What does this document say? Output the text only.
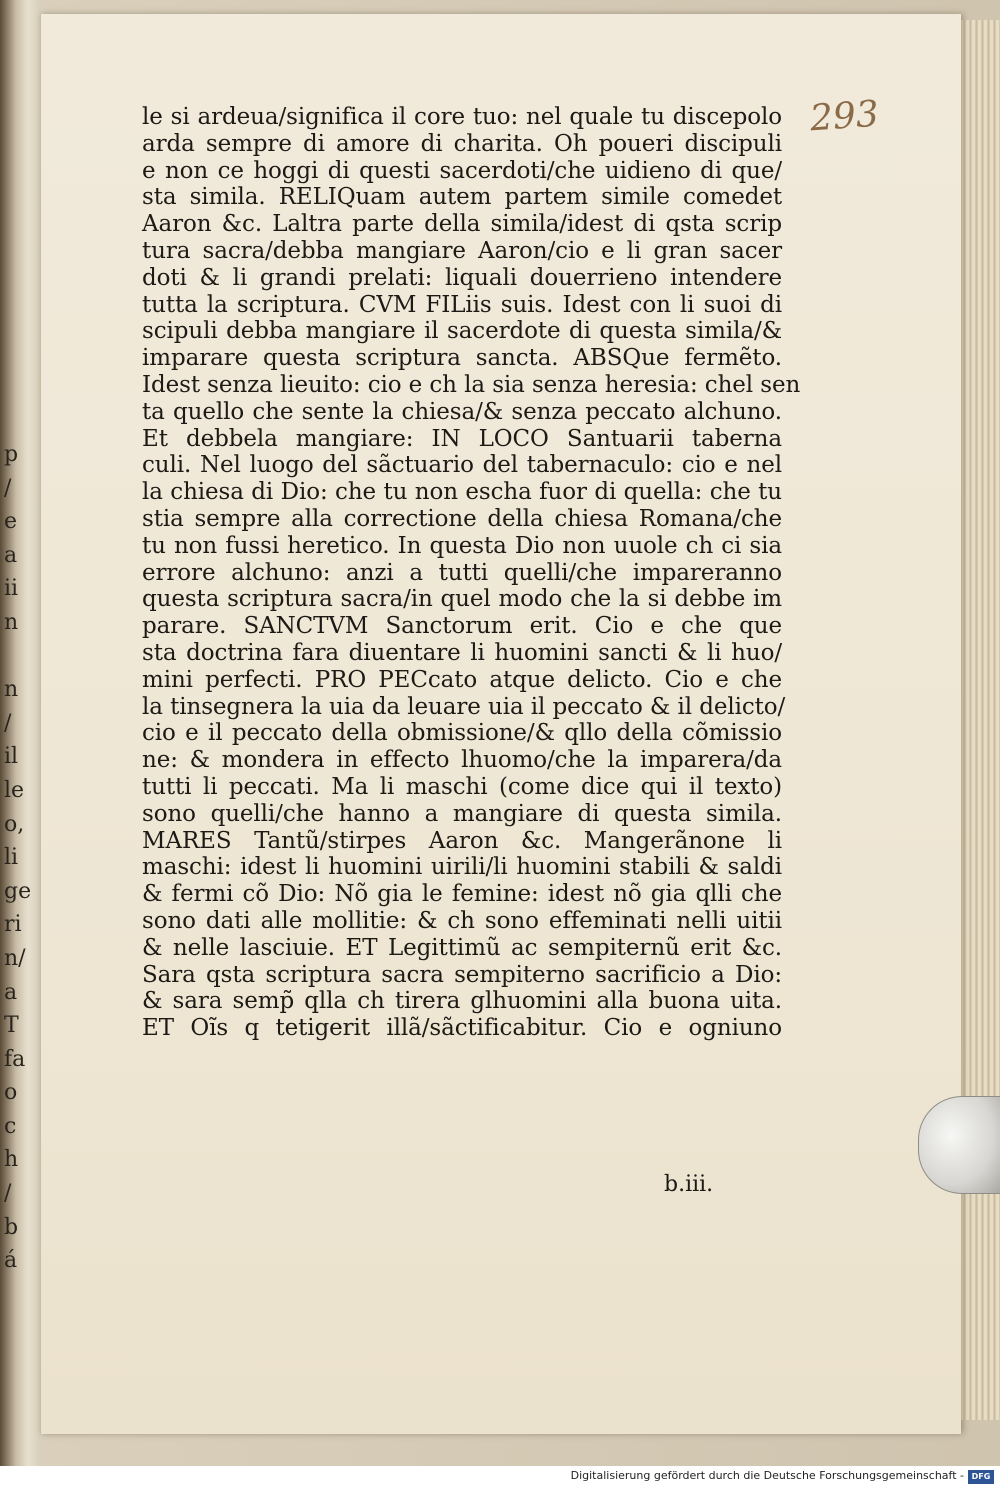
p
/
e
a
ii
n
n
/
il
le
o,
li
ge
ri
n/
a
T
fa
o
c
h
/
b
á
293
le si ardeua/significa il core tuo: nel quale tu discepolo
arda sempre di amore di charita. Oh poueri discipuli
e non ce hoggi di questi sacerdoti/che uidieno di que/
sta simila. RELIQuam autem partem simile comedet
Aaron &c. Laltra parte della simila/idest di qsta scrip
tura sacra/debba mangiare Aaron/cio e li gran sacer
doti & li grandi prelati: liquali douerrieno intendere
tutta la scriptura. CVM FILiis suis. Idest con li suoi di
scipuli debba mangiare il sacerdote di questa simila/&
imparare questa scriptura sancta. ABSQue fermẽto.
Idest senza lieuito: cio e ch la sia senza heresia: chel sen
ta quello che sente la chiesa/& senza peccato alchuno.
Et debbela mangiare: IN LOCO Santuarii taberna
culi. Nel luogo del sãctuario del tabernaculo: cio e nel
la chiesa di Dio: che tu non escha fuor di quella: che tu
stia sempre alla correctione della chiesa Romana/che
tu non fussi heretico. In questa Dio non uuole ch ci sia
errore alchuno: anzi a tutti quelli/che impareranno
questa scriptura sacra/in quel modo che la si debbe im
parare. SANCTVM Sanctorum erit. Cio e che que
sta doctrina fara diuentare li huomini sancti & li huo/
mini perfecti. PRO PECcato atque delicto. Cio e che
la tinsegnera la uia da leuare uia il peccato & il delicto/
cio e il peccato della obmissione/& qllo della cõmissio
ne: & mondera in effecto lhuomo/che la imparera/da
tutti li peccati. Ma li maschi (come dice qui il texto)
sono quelli/che hanno a mangiare di questa simila.
MARES Tantũ/stirpes Aaron &c. Mangerãnone li
maschi: idest li huomini uirili/li huomini stabili & saldi
& fermi cõ Dio: Nõ gia le femine: idest nõ gia qlli che
sono dati alle mollitie: & ch sono effeminati nelli uitii
& nelle lasciuie. ET Legittimũ ac sempiternũ erit &c.
Sara qsta scriptura sacra sempiterno sacrificio a Dio:
& sara semp̃ qlla ch tirera glhuomini alla buona uita.
ET Oĩs q tetigerit illã/sãctificabitur. Cio e ogniuno
b.iii.
Digitalisierung gefördert durch die Deutsche Forschungsgemeinschaft - DFG
